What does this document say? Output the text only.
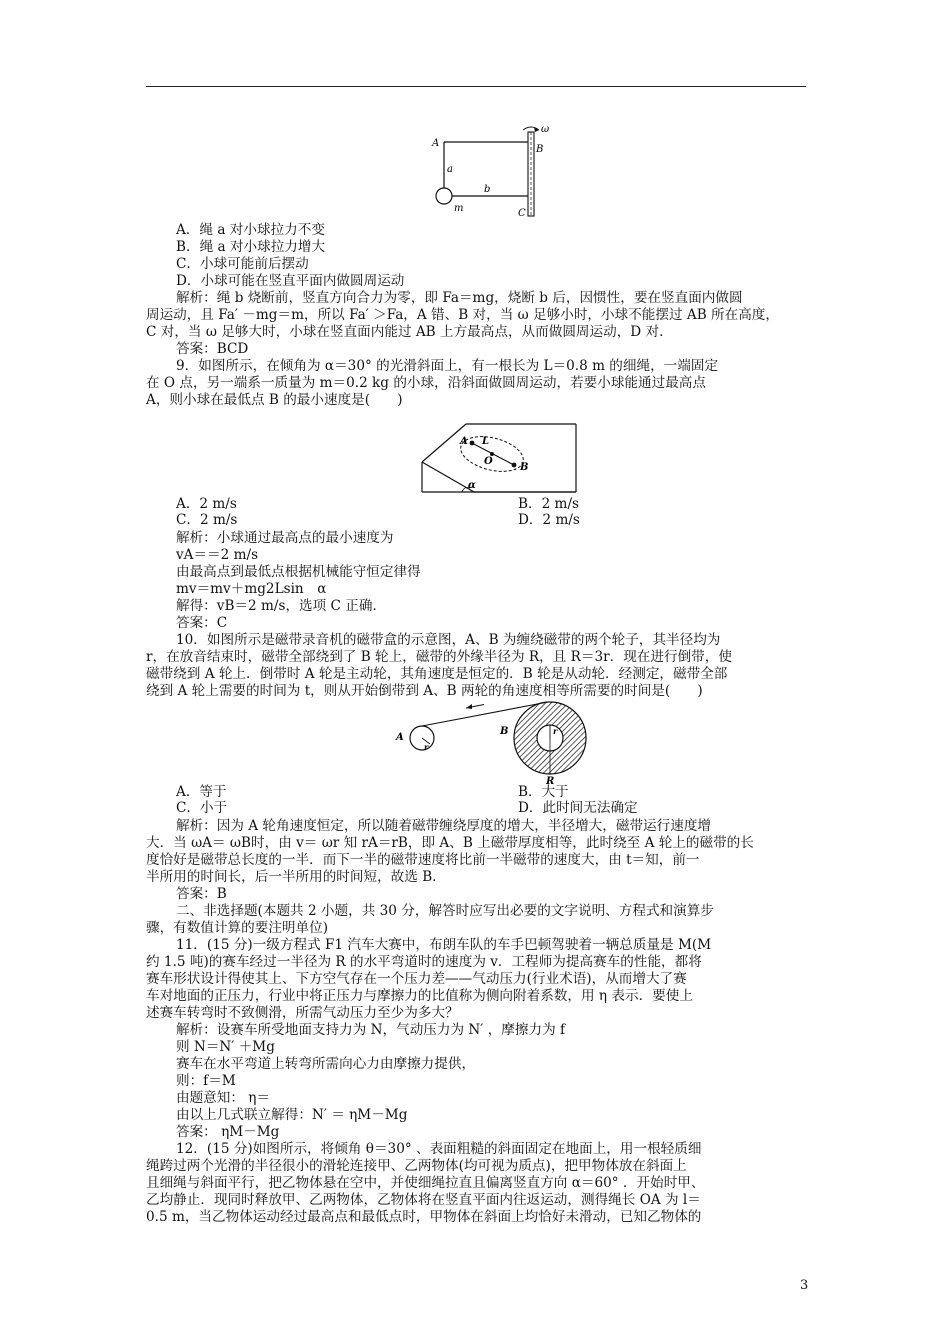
A
B
C
a
b
m
ω
A L
O
B
α
A
r
B	r
R
A．绳 a 对小球拉力不变
B．绳 a 对小球拉力增大
C．小球可能前后摆动
D．小球可能在竖直平面内做圆周运动
解析：绳 b 烧断前，竖直方向合力为零，即 Fa＝mg，烧断 b 后，因惯性，要在竖直面内做圆
周运动，且 Fa′ －mg＝m，所以 Fa′ ＞Fa，A 错、B 对，当 ω 足够小时，小球不能摆过 AB 所在高度，
C 对，当 ω 足够大时，小球在竖直面内能过 AB 上方最高点，从而做圆周运动，D 对．
答案：BCD
9．如图所示，在倾角为 α＝30° 的光滑斜面上，有一根长为 L＝0.8 m 的细绳，一端固定
在 O 点，另一端系一质量为 m＝0.2 kg 的小球，沿斜面做圆周运动，若要小球能通过最高点
A，则小球在最低点 B 的最小速度是(　　)
A．2 m/s	B．2 m/s
C．2 m/s	D．2 m/s
解析：小球通过最高点的最小速度为
vA＝＝2 m/s
由最高点到最低点根据机械能守恒定律得
mv＝mv＋mg2Lsin　α
解得：vB＝2 m/s，选项 C 正确．
答案：C
10．如图所示是磁带录音机的磁带盒的示意图，A、B 为缠绕磁带的两个轮子，其半径均为
r，在放音结束时，磁带全部绕到了 B 轮上，磁带的外缘半径为 R，且 R＝3r．现在进行倒带，使
磁带绕到 A 轮上．倒带时 A 轮是主动轮，其角速度是恒定的．B 轮是从动轮．经测定，磁带全部
绕到 A 轮上需要的时间为 t，则从开始倒带到 A、B 两轮的角速度相等所需要的时间是(　　)
A．等于	B．大于
C．小于	D．此时间无法确定
解析：因为 A 轮角速度恒定，所以随着磁带缠绕厚度的增大，半径增大，磁带运行速度增
大．当 ωA＝ ωB时，由 v＝ ωr 知 rA＝rB，即 A、B 上磁带厚度相等，此时绕至 A 轮上的磁带的长
度恰好是磁带总长度的一半．而下一半的磁带速度将比前一半磁带的速度大，由 t＝知，前一
半所用的时间长，后一半所用的时间短，故选 B．
答案：B
二、非选择题(本题共 2 小题，共 30 分，解答时应写出必要的文字说明、方程式和演算步
骤，有数值计算的要注明单位)
11．(15 分)一级方程式 F1 汽车大赛中，布朗车队的车手巴顿驾驶着一辆总质量是 M(M
约 1.5 吨)的赛车经过一半径为 R 的水平弯道时的速度为 v．工程师为提高赛车的性能，都将
赛车形状设计得使其上、下方空气存在一个压力差——气动压力(行业术语)，从而增大了赛
车对地面的正压力，行业中将正压力与摩擦力的比值称为侧向附着系数，用 η 表示．要使上
述赛车转弯时不致侧滑，所需气动压力至少为多大？
解析：设赛车所受地面支持力为 N，气动压力为 N′ ，摩擦力为 f
则 N＝N′ ＋Mg
赛车在水平弯道上转弯所需向心力由摩擦力提供，
则：f＝M
由题意知： η＝
由以上几式联立解得：N′ ＝ ηM－Mg
答案： ηM－Mg
12．(15 分)如图所示，将倾角 θ＝30° 、表面粗糙的斜面固定在地面上，用一根轻质细
绳跨过两个光滑的半径很小的滑轮连接甲、乙两物体(均可视为质点)，把甲物体放在斜面上
且细绳与斜面平行，把乙物体悬在空中，并使细绳拉直且偏离竖直方向 α＝60° ．开始时甲、
乙均静止．现同时释放甲、乙两物体，乙物体将在竖直平面内往返运动，测得绳长 OA 为 l＝
0.5 m，当乙物体运动经过最高点和最低点时，甲物体在斜面上均恰好未滑动，已知乙物体的
3
